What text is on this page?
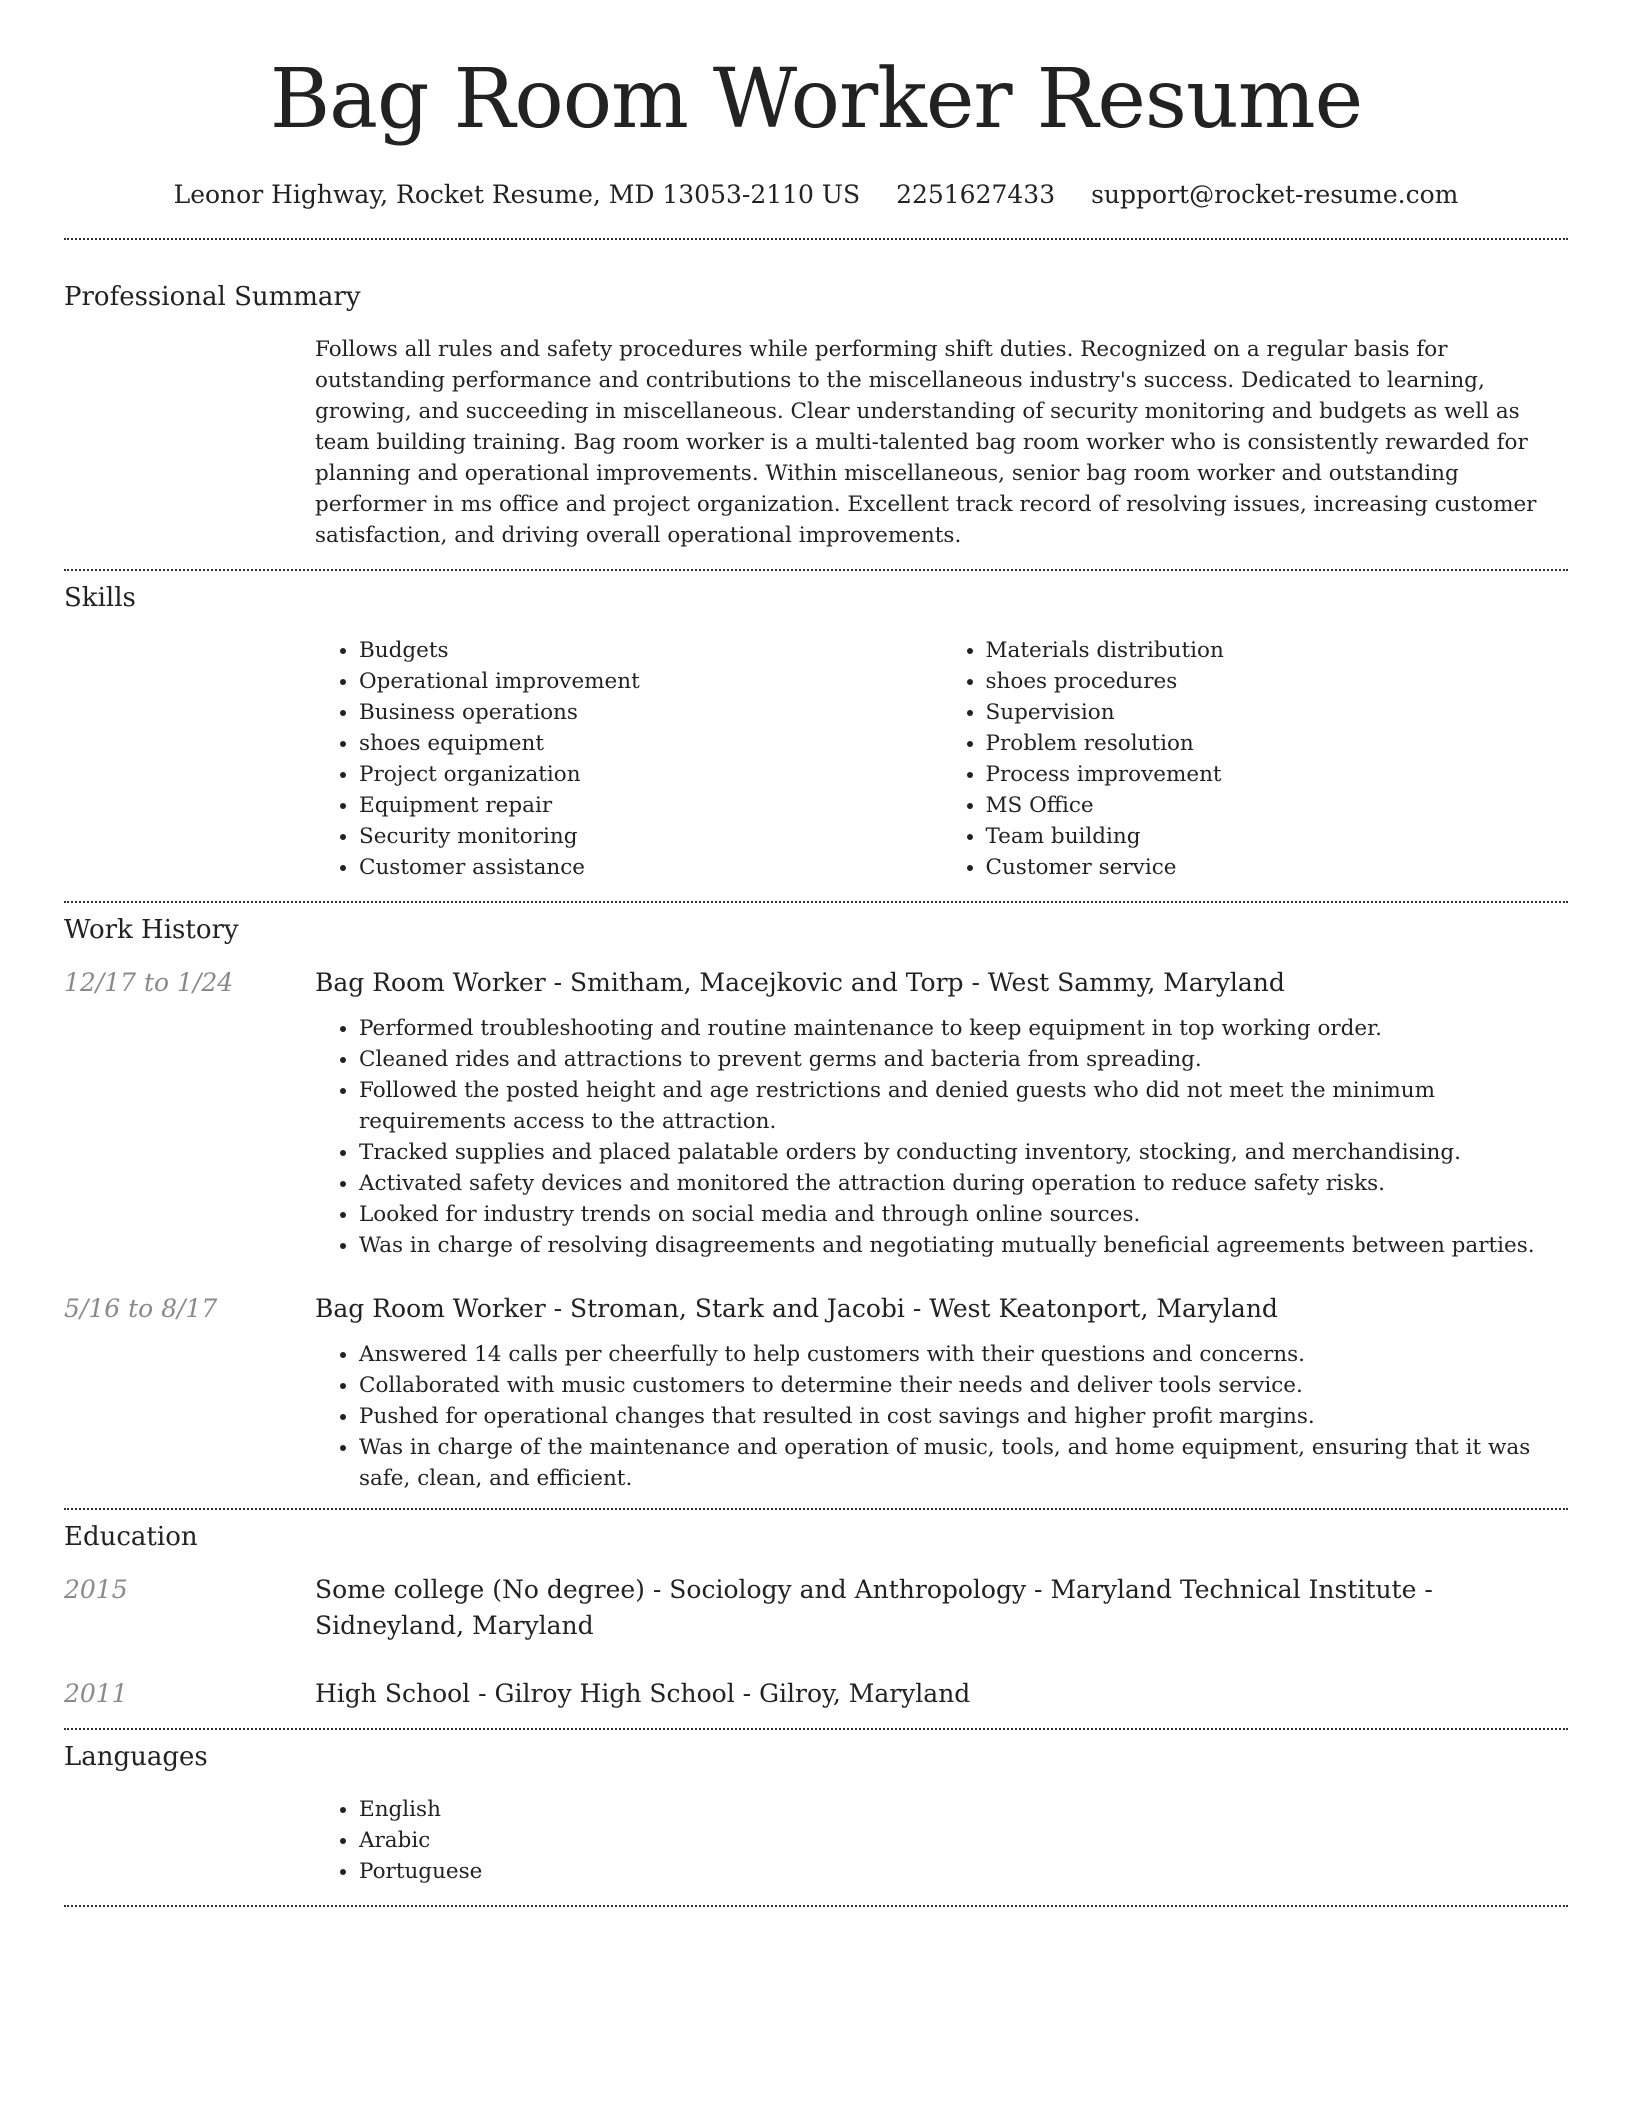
Bag Room Worker Resume
Leonor Highway, Rocket Resume, MD 13053-2110 US 2251627433 support@rocket-resume.com
Professional Summary

Follows all rules and safety procedures while performing shift duties. Recognized on a regular basis for outstanding performance and contributions to the miscellaneous industry's success. Dedicated to learning, growing, and succeeding in miscellaneous. Clear understanding of security monitoring and budgets as well as team building training. Bag room worker is a multi-talented bag room worker who is consistently rewarded for planning and operational improvements. Within miscellaneous, senior bag room worker and outstanding performer in ms office and project organization. Excellent track record of resolving issues, increasing customer satisfaction, and driving overall operational improvements.

Skills
• Budgets
• Operational improvement
• Business operations
• shoes equipment
• Project organization
• Equipment repair
• Security monitoring
• Customer assistance
• Materials distribution
• shoes procedures
• Supervision
• Problem resolution
• Process improvement
• MS Office
• Team building
• Customer service
Work History
12/17 to 1/24	Bag Room Worker - Smitham, Macejkovic and Torp - West Sammy, Maryland

• Performed troubleshooting and routine maintenance to keep equipment in top working order.
• Cleaned rides and attractions to prevent germs and bacteria from spreading.
• Followed the posted height and age restrictions and denied guests who did not meet the minimum requirements access to the attraction.
• Tracked supplies and placed palatable orders by conducting inventory, stocking, and merchandising.
• Activated safety devices and monitored the attraction during operation to reduce safety risks.
• Looked for industry trends on social media and through online sources.
• Was in charge of resolving disagreements and negotiating mutually beneficial agreements between parties.
5/16 to 8/17	Bag Room Worker - Stroman, Stark and Jacobi - West Keatonport, Maryland

• Answered 14 calls per cheerfully to help customers with their questions and concerns.
• Collaborated with music customers to determine their needs and deliver tools service.
• Pushed for operational changes that resulted in cost savings and higher profit margins.
• Was in charge of the maintenance and operation of music, tools, and home equipment, ensuring that it was safe, clean, and efficient.
Education
2015	Some college (No degree) - Sociology and Anthropology - Maryland Technical Institute - Sidneyland, Maryland

2011	High School - Gilroy High School - Gilroy, Maryland

Languages
• English
• Arabic
• Portuguese
